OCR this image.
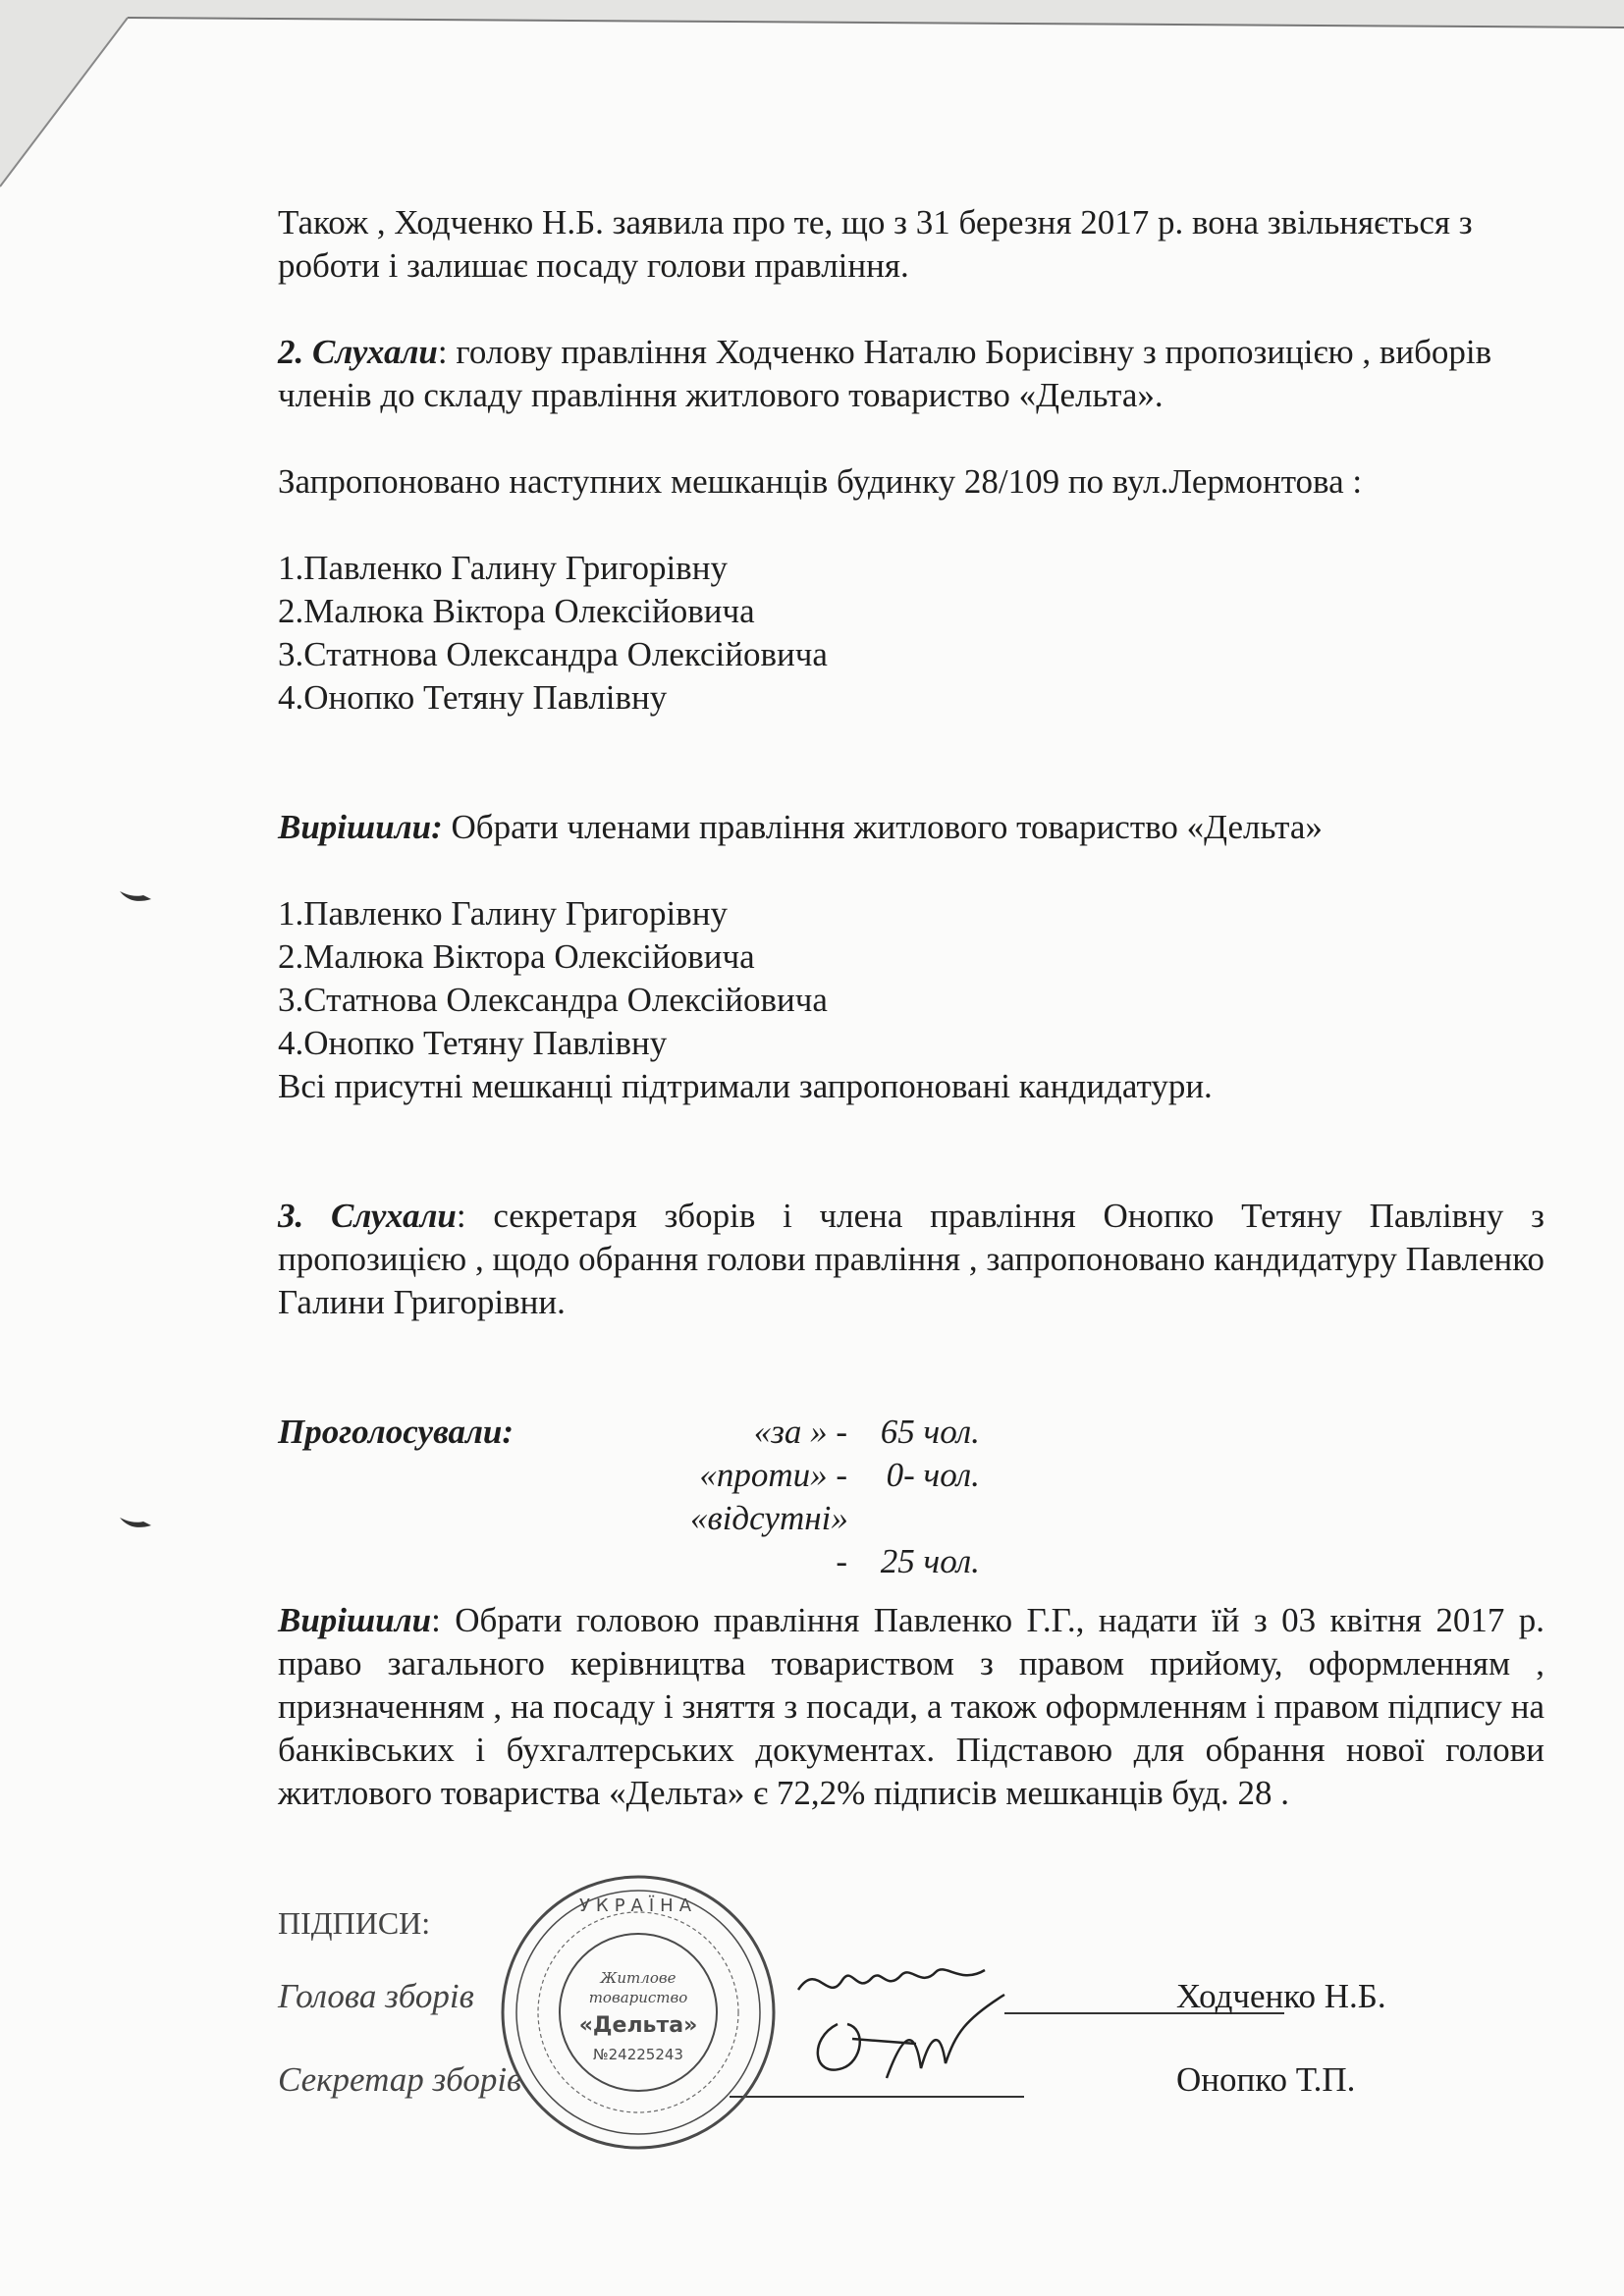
Також , Ходченко Н.Б. заявила про те, що з 31 березня 2017 р. вона звільняється з роботи і залишає посаду голови правління.

2. Слухали: голову правління Ходченко Наталю Борисівну з пропозицією , виборів членів до складу правління житлового товариство «Дельта».

Запропоновано наступних мешканців будинку 28/109 по вул.Лермонтова :

1.Павленко Галину Григорівну

2.Малюка Віктора Олексійовича

3.Статнова Олександра Олексійовича

4.Онопко Тетяну Павлівну

Вирішили: Обрати членами правління житлового товариство «Дельта»

1.Павленко Галину Григорівну

2.Малюка Віктора Олексійовича

3.Статнова Олександра Олексійовича

4.Онопко Тетяну Павлівну

Всі присутні мешканці підтримали запропоновані кандидатури.

3. Слухали: секретаря зборів і члена правління Онопко Тетяну Павлівну з пропозицією , щодо обрання голови правління , запропоновано кандидатуру Павленко Галини Григорівни.

Проголосували:	«за » - 65 чол.
«проти» - 0- чол.
«відсутні» - 25 чол.

Вирішили: Обрати головою правління Павленко Г.Г., надати їй з 03 квітня 2017 р. право загального керівництва товариством з правом прийому, оформленням , призначенням , на посаду і зняття з посади, а також оформленням і правом підпису на банківських і бухгалтерських документах. Підставою для обрання нової голови житлового товариства «Дельта» є 72,2% підписів мешканців буд. 28 .

ПІДПИСИ:
Голова зборів	Ходченко Н.Б.
Секретар зборів	Онопко Т.П.
УКРАЇНА
Житлове
товариство
«Дельта»
№24225243
